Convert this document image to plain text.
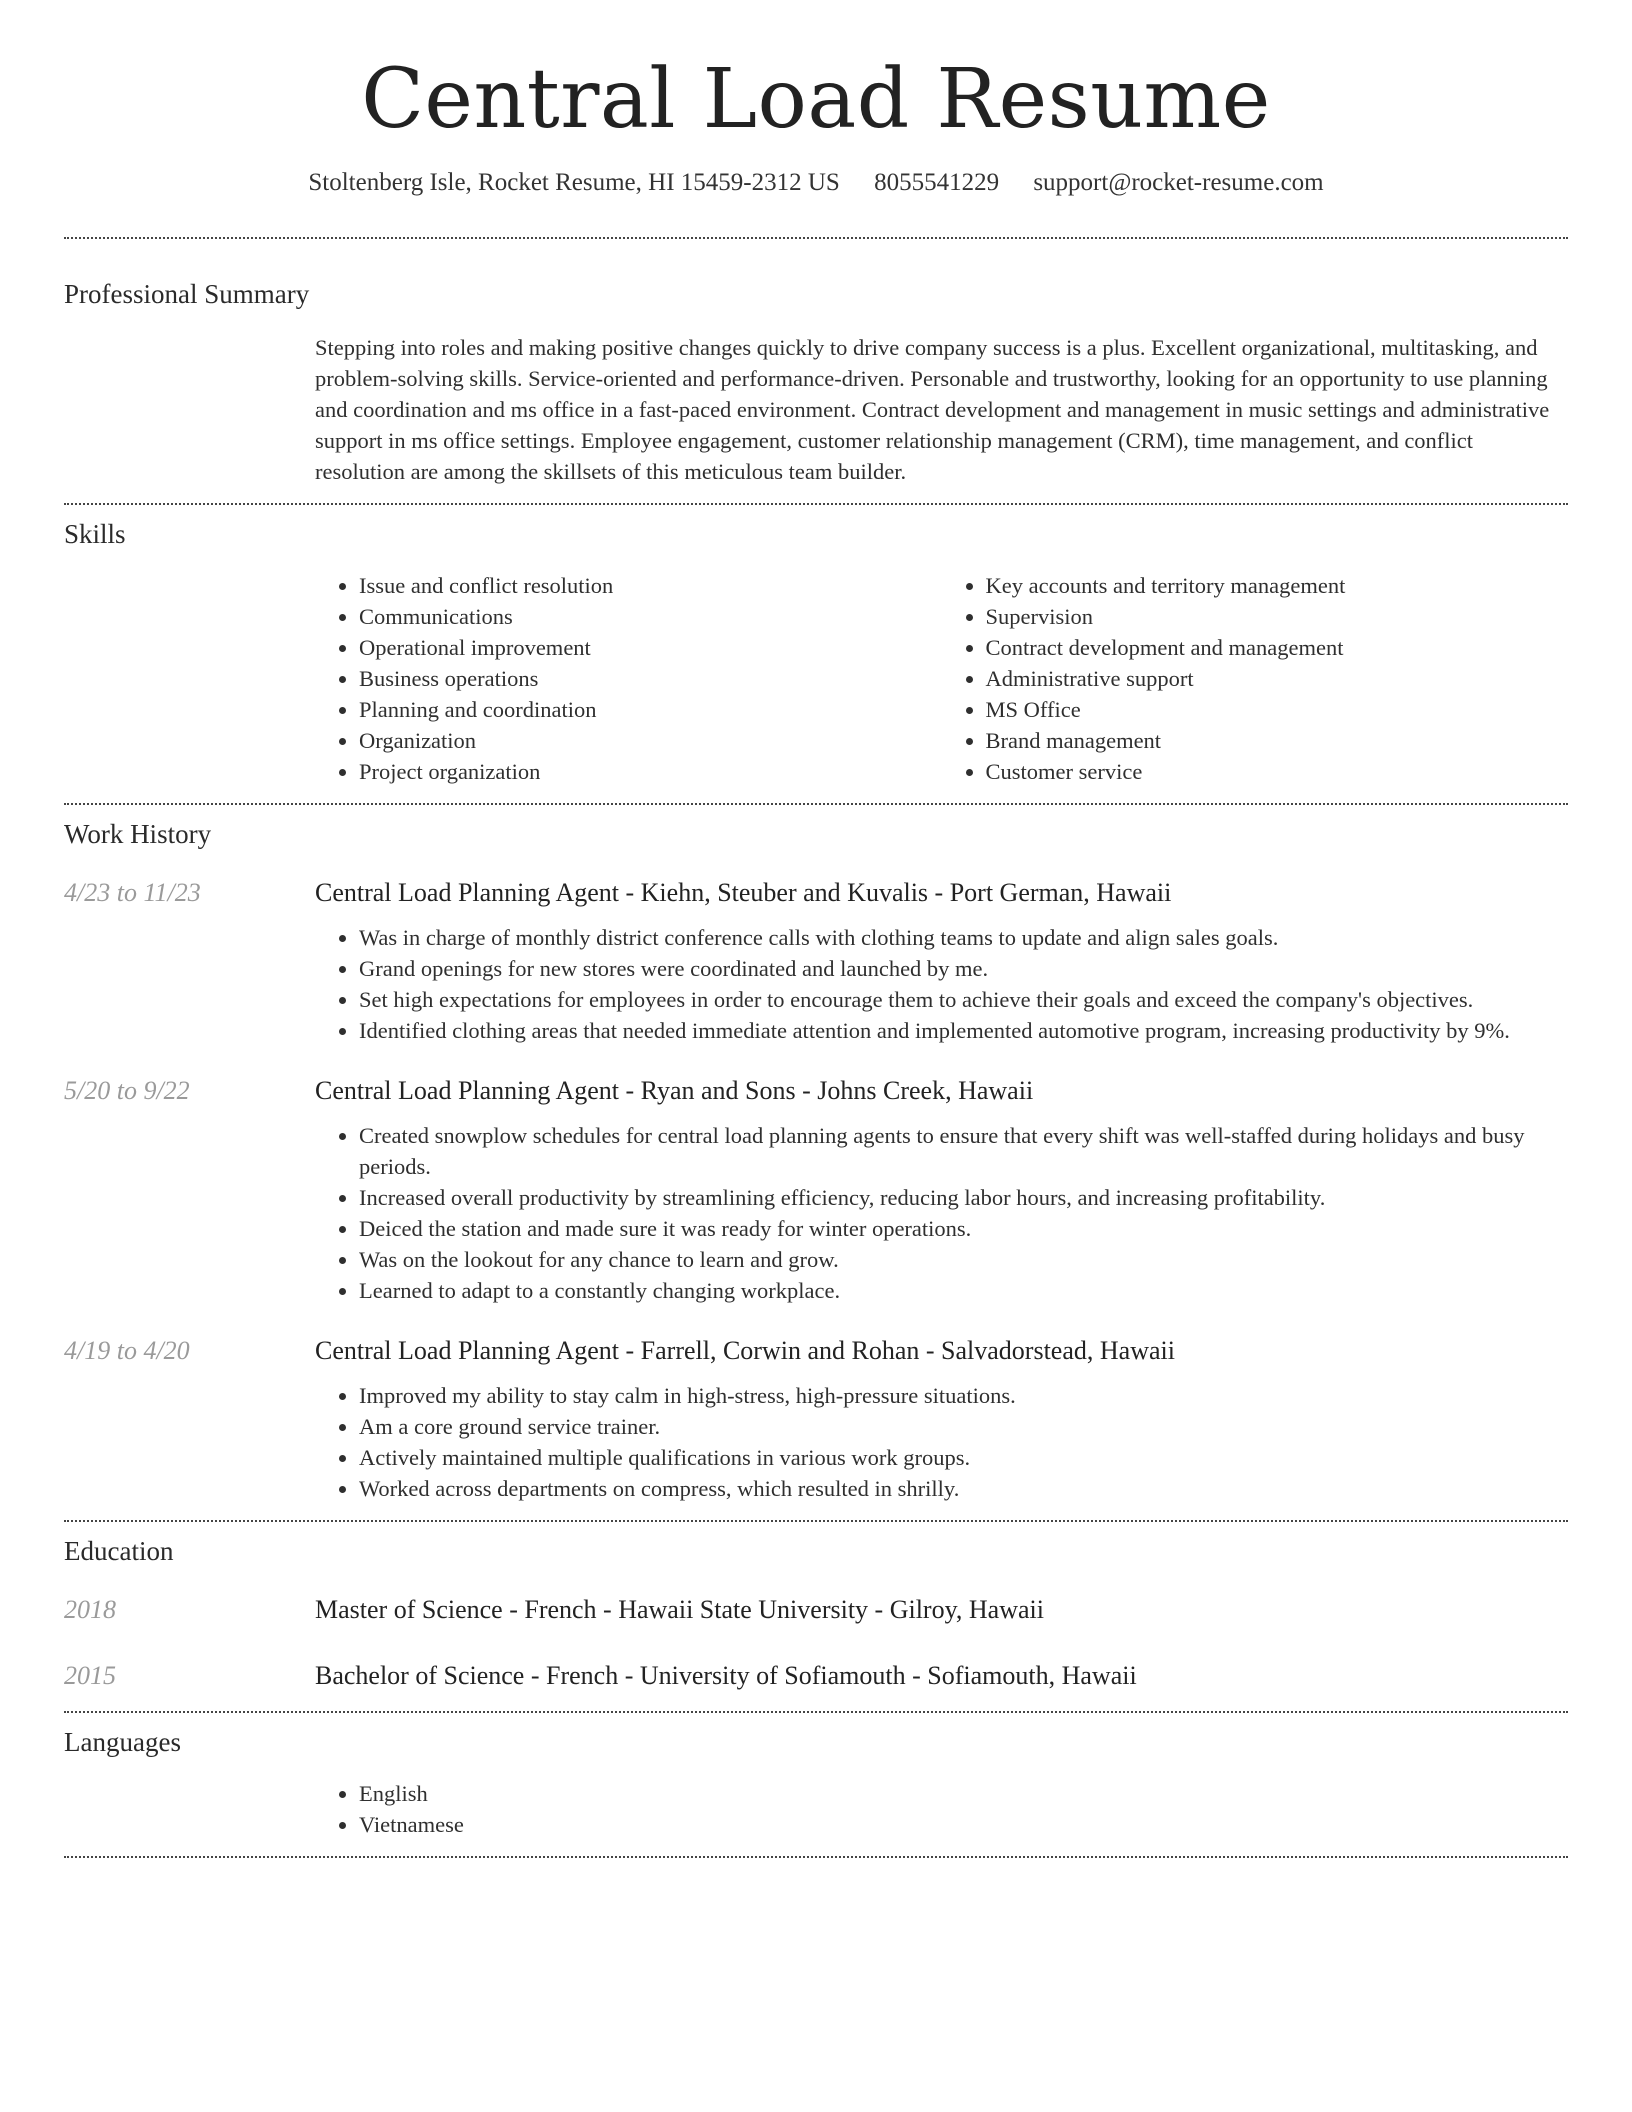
Central Load Resume
Stoltenberg Isle, Rocket Resume, HI 15459-2312 US 8055541229 support@rocket-resume.com
Professional Summary
Stepping into roles and making positive changes quickly to drive company success is a plus. Excellent organizational, multitasking, and problem-solving skills. Service-oriented and performance-driven. Personable and trustworthy, looking for an opportunity to use planning and coordination and ms office in a fast-paced environment. Contract development and management in music settings and administrative support in ms office settings. Employee engagement, customer relationship management (CRM), time management, and conflict resolution are among the skillsets of this meticulous team builder.
Skills
• Issue and conflict resolution
• Communications
• Operational improvement
• Business operations
• Planning and coordination
• Organization
• Project organization
• Key accounts and territory management
• Supervision
• Contract development and management
• Administrative support
• MS Office
• Brand management
• Customer service
Work History
4/23 to 11/23	Central Load Planning Agent - Kiehn, Steuber and Kuvalis - Port German, Hawaii
• Was in charge of monthly district conference calls with clothing teams to update and align sales goals.
• Grand openings for new stores were coordinated and launched by me.
• Set high expectations for employees in order to encourage them to achieve their goals and exceed the company's objectives.
• Identified clothing areas that needed immediate attention and implemented automotive program, increasing productivity by 9%.
5/20 to 9/22	Central Load Planning Agent - Ryan and Sons - Johns Creek, Hawaii
• Created snowplow schedules for central load planning agents to ensure that every shift was well-staffed during holidays and busy periods.
• Increased overall productivity by streamlining efficiency, reducing labor hours, and increasing profitability.
• Deiced the station and made sure it was ready for winter operations.
• Was on the lookout for any chance to learn and grow.
• Learned to adapt to a constantly changing workplace.
4/19 to 4/20	Central Load Planning Agent - Farrell, Corwin and Rohan - Salvadorstead, Hawaii
• Improved my ability to stay calm in high-stress, high-pressure situations.
• Am a core ground service trainer.
• Actively maintained multiple qualifications in various work groups.
• Worked across departments on compress, which resulted in shrilly.
Education
2018	Master of Science - French - Hawaii State University - Gilroy, Hawaii
2015	Bachelor of Science - French - University of Sofiamouth - Sofiamouth, Hawaii
Languages
• English
• Vietnamese
